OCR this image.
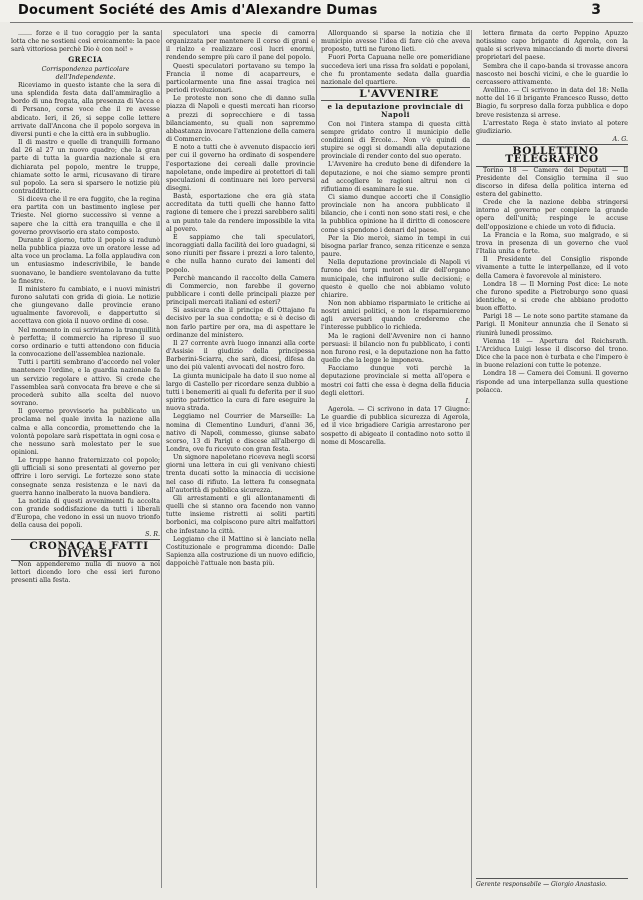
Document Société des Amis d'Alexandre Dumas	3

....... forze e il tuo coraggio per la santa lotta che ne sostieni così eroicamente: la pace sarà vittoriosa perchè Dio è con noi! »

GRECIA

Corrispondenza particolare dell'Independente.

Riceviamo in questo istante che la sera di una splendida festa data dall'ammiraglio a bordo di una fregata, alla presenza di Vacca e di Persano, corse voce che il re avesse abdicato. Ieri, il 26, si seppe colle lettere arrivate dall'Ancona che il popolo sorgeva in diversi punti e che la città era in subbuglio.

Il di mastro e quelle di tranquilli formano dal 26 al 27 un nuovo quadro; che la gran parte di tutta la guardia nazionale si era dichiarata pel popolo, mentre le truppe, chiamate sotto le armi, ricusavano di tirare sul popolo. La sera si sparsero le notizie più contraddittorie.

Si diceva che il re era fuggito, che la regina era partita con un bastimento inglese per Trieste. Nel giorno successivo si venne a sapere che la città era tranquilla e che il governo provvisorio era stato composto.

Durante il giorno, tutto il popolo si radunò nella pubblica piazza ove un oratore lesse ad alta voce un proclama. La folla applaudiva con un entusiasmo indescrivibile, le bande suonavano, le bandiere sventolavano da tutte le finestre.

Il ministero fu cambiato, e i nuovi ministri furono salutati con grida di gioia. Le notizie che giungevano dalle provincie erano ugualmente favorevoli, e dappertutto si accettava con gioia il nuovo ordine di cose.

Nel momento in cui scriviamo la tranquillità è perfetta; il commercio ha ripreso il suo corso ordinario e tutti attendono con fiducia la convocazione dell'assemblea nazionale.

Tutti i partiti sembrano d'accordo nel voler mantenere l'ordine, e la guardia nazionale fa un servizio regolare e attivo. Si crede che l'assemblea sarà convocata fra breve e che si procederà subito alla scelta del nuovo sovrano.

Il governo provvisorio ha pubblicato un proclama nel quale invita la nazione alla calma e alla concordia, promettendo che la volontà popolare sarà rispettata in ogni cosa e che nessuno sarà molestato per le sue opinioni.

Le truppe hanno fraternizzato col popolo; gli ufficiali si sono presentati al governo per offrire i loro servigi. Le fortezze sono state consegnate senza resistenza e le navi da guerra hanno inalberato la nuova bandiera.

La notizia di questi avvenimenti fu accolta con grande soddisfazione da tutti i liberali d'Europa, che vedono in essi un nuovo trionfo della causa dei popoli.

S. R.

CRONACA E FATTI DIVERSI

Non appenderemo nulla di nuovo a noi lettori dicendo loro che essi ieri furono presenti alla festa.

speculatori una specie di camorra organizzata per mantenere il corso di grani e il rialzo e realizzare così lucri enormi, rendendo sempre più caro il pane del popolo.

Questi speculatori portavano su tempo la Francia il nome di acaparreurs, e particolarmente una fine assai tragica nei periodi rivoluzionari.

Le proteste non sono che di danno sulla piazza di Napoli e questi mercati han ricorso a prezzi di soprecchiere e di tassa bilanciamento, su quali non sapremmo abbastanza invocare l'attenzione della camera di Commercio.

E noto a tutti che è avvenuto dispaccio ieri per cui il governo ha ordinato di sospendere l'esportazione dei cereali dalle provincie napoletane, onde impedire ai protettori di tali speculazioni di continuare nei loro perversi disegni.

Bastà, esportazione che era già stata accreditata da tutti quelli che hanno fatto ragione di temere che i prezzi sarebbero saliti a un punto tale da rendere impossibile la vita al povero.

E sappiamo che tali speculatori, incoraggiati dalla facilità dei loro guadagni, si sono riuniti per fissare i prezzi a loro talento, e che nulla hanno curato dei lamenti del popolo.

Perchè mancando il raccolto della Camera di Commercio, non farebbe il governo pubblicare i conti delle principali piazze per principali mercati italiani ed esteri?

Si assicura che il principe di Ottajano fu decisivo per la sua condotta; e si è deciso di non farlo partire per ora, ma di aspettare le ordinanze del ministero.

Il 27 corrente avrà luogo innanzi alla corte d'Assisie il giudizio della principessa Barberini-Sciarra, che sarà, dicesi, difesa da uno dei più valenti avvocati del nostro foro.

La giunta municipale ha dato il suo nome al largo di Castello per ricordare senza dubbio a tutti i benemeriti ai quali fu deferita per il suo spirito patriottico la cura di fare eseguire la nuova strada.

Leggiamo nel Courrier de Marseille: La nomina di Clementino Lunduri, d'anni 36, nativo di Napoli, commesso, giunse sabato scorso, 13 di Parigi e discese all'albergo di Londra, ove fu ricevuto con gran festa.

Un signore napoletano riceveva negli scorsi giorni una lettera in cui gli venivano chiesti trenta ducati sotto la minaccia di uccisione nel caso di rifiuto. La lettera fu consegnata all'autorità di pubblica sicurezza.

Gli arrestamenti e gli allontanamenti di quelli che si stanno ora facendo non vanno tutte insieme ristretti ai soliti partiti borbonici, ma colpiscono pure altri malfattori che infestano la città.

Leggiamo che il Mattino si è lanciato nella Costituzionale e programma dicendo: Dalle Sapienza alla costruzione di un nuovo edificio, dappoichè l'attuale non basta più.

Allorquando si sparse la notizia che il municipio avesse l'idea di fare ciò che aveva proposto, tutti ne furono lieti.

Fuori Porta Capuana nelle ore pomeridiane succedeva ieri una rissa fra soldati e popolani, che fu prontamente sedata dalla guardia nazionale del quartiere.

L'AVVENIRE

e la deputazione provinciale di Napoli

Con noi l'intera stampa di questa città sempre gridato contro il municipio delle condizioni di Ercole... Non v'è quindi da stupire se oggi si domandi alla deputazione provinciale di render conto del suo operato.

L'Avvenire ha creduto bene di difendere la deputazione, e noi che siamo sempre pronti ad accogliere le ragioni altrui non ci rifiutiamo di esaminare le sue.

Ci siamo dunque accorti che il Consiglio provinciale non ha ancora pubblicato il bilancio, che i conti non sono stati resi, e che la pubblica opinione ha il diritto di conoscere come si spendono i denari del paese.

Per la Dio mercè, siamo in tempi in cui bisogna parlar franco, senza riticenze e senza paure.

Nella deputazione provinciale di Napoli vi furono dei torpi motori al dir dell'organo municipale, che influirono sulle decisioni; e questo è quello che noi abbiamo voluto chiarire.

Non non abbiamo risparmiato le critiche ai nostri amici politici, e non le risparmieremo agli avversari quando crederemo che l'interesse pubblico lo richieda.

Ma le ragioni dell'Avvenire non ci hanno persuasi: il bilancio non fu pubblicato, i conti non furono resi, e la deputazione non ha fatto quello che la legge le imponeva.

Facciamo dunque voti perchè la deputazione provinciale si metta all'opera e mostri coi fatti che essa è degna della fiducia degli elettori.

I.

Agerola. — Ci scrivono in data 17 Giugno: Le guardie di pubblica sicurezza di Agerola, ed il vice brigadiere Carigia arrestarono per sospetto di abigeato il contadino noto sotto il nome di Moscarella.

lettera firmata da certo Peppino Apuzzo notissimo capo brigante di Agerola, con la quale si scriveva minacciando di morte diversi proprietari del paese.

Sembra che il capo-banda si trovasse ancora nascosto nei boschi vicini, e che le guardie lo cercassero attivamente.

Avellino. — Ci scrivono in data del 18: Nella notte del 16 il brigante Francesco Russo, detto Biagio, fu sorpreso dalla forza pubblica e dopo breve resistenza si arrese.

L'arrestato Rega è stato inviato al potere giudiziario.

A. G.

BOLLETTINO TELEGRAFICO

Torino 18 — Camera dei Deputati — Il Presidente del Consiglio termina il suo discorso in difesa della politica interna ed estera del gabinetto.

Crede che la nazione debba stringersi intorno al governo per compiere la grande opera dell'unità; respinge le accuse dell'opposizione e chiede un voto di fiducia.

La Francia e la Roma, suo malgrado, e si trova in presenza di un governo che vuol l'Italia unita e forte.

Il Presidente del Consiglio risponde vivamente a tutte le interpellanze, ed il voto della Camera è favorevole al ministero.

Londra 18 — Il Morning Post dice: Le note che furono spedite a Pietroburgo sono quasi identiche, e si crede che abbiano prodotto buon effetto.

Parigi 18 — Le note sono partite stamane da Parigi. Il Moniteur annunzia che il Senato si riunirà lunedì prossimo.

Vienna 18 — Apertura del Reichsrath. L'Arciduca Luigi lesse il discorso del trono. Dice che la pace non è turbata e che l'impero è in buone relazioni con tutte le potenze.

Londra 18 — Camera dei Comuni. Il governo risponde ad una interpellanza sulla questione polacca.

Gerente responsabile — Giorgio Anastasio.
